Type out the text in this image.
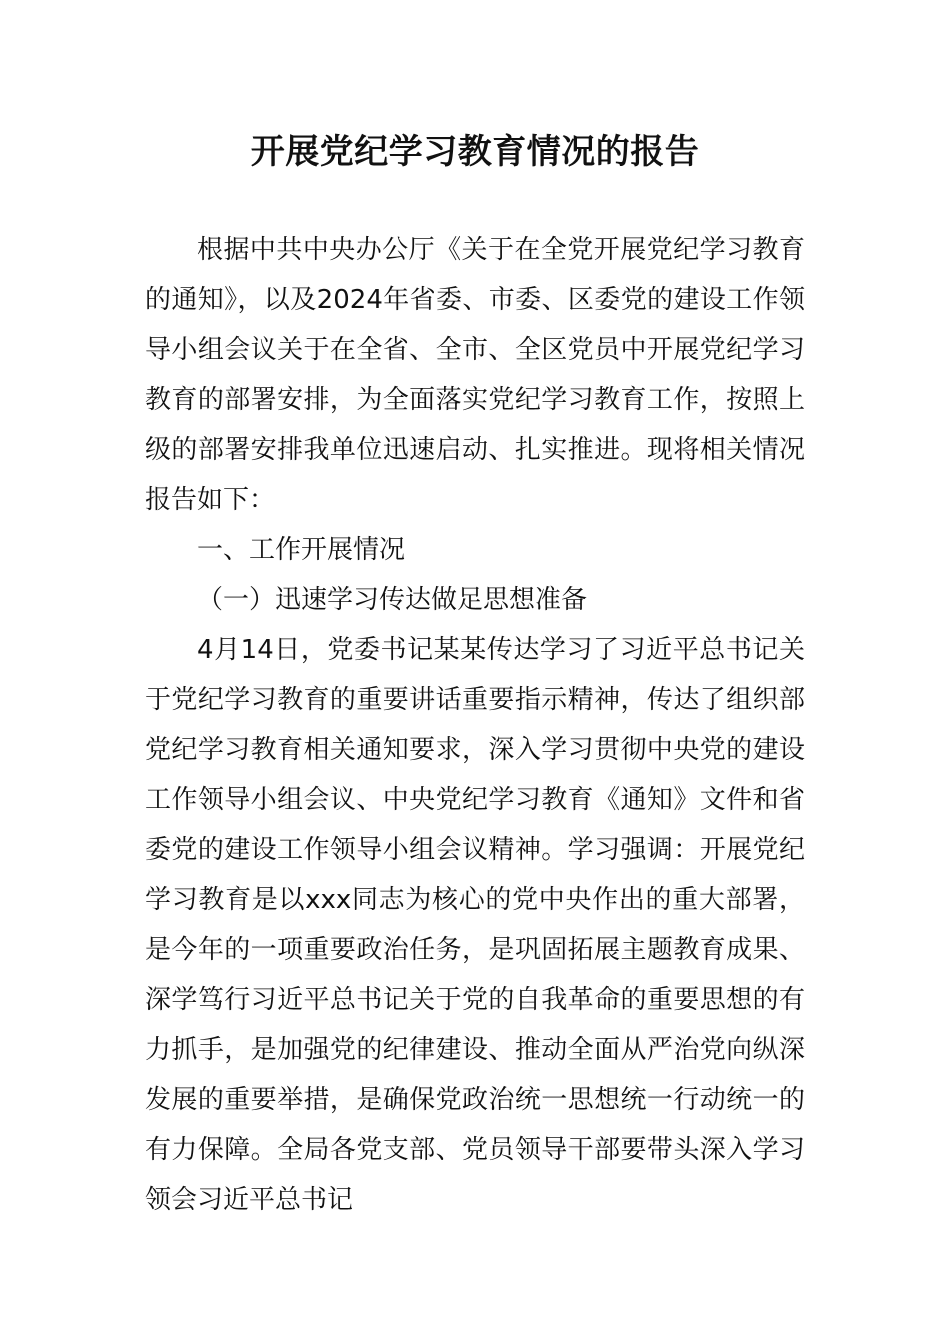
开展党纪学习教育情况的报告

根据中共中央办公厅《关于在全党开展党纪学习教育的通知》，以及2024年省委、市委、区委党的建设工作领导小组会议关于在全省、全市、全区党员中开展党纪学习教育的部署安排，为全面落实党纪学习教育工作，按照上级的部署安排我单位迅速启动、扎实推进。现将相关情况报告如下：

一、工作开展情况

（一）迅速学习传达做足思想准备

4月14日，党委书记某某传达学习了习近平总书记关于党纪学习教育的重要讲话重要指示精神，传达了组织部党纪学习教育相关通知要求，深入学习贯彻中央党的建设工作领导小组会议、中央党纪学习教育《通知》文件和省委党的建设工作领导小组会议精神。学习强调：开展党纪学习教育是以xxx同志为核心的党中央作出的重大部署，是今年的一项重要政治任务，是巩固拓展主题教育成果、深学笃行习近平总书记关于党的自我革命的重要思想的有力抓手，是加强党的纪律建设、推动全面从严治党向纵深发展的重要举措，是确保党政治统一思想统一行动统一的有力保障。全局各党支部、党员领导干部要带头深入学习领会习近平总书记
